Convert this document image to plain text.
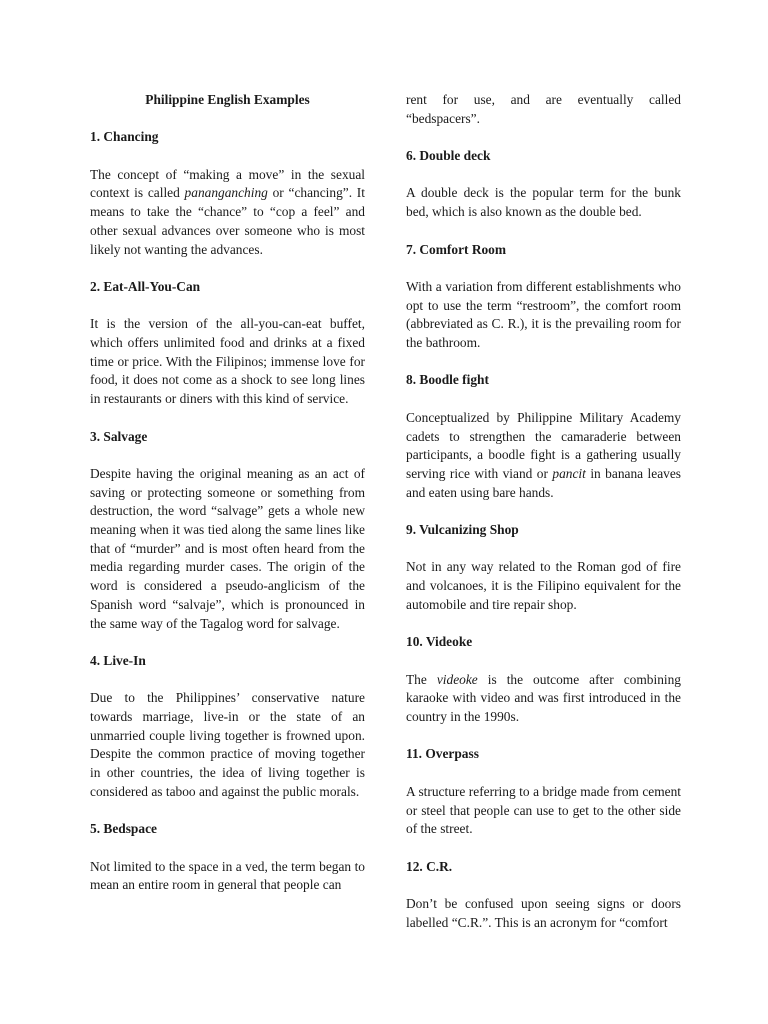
Philippine English Examples
1. Chancing
The concept of “making a move” in the sexual context is called pananganching or “chancing”. It means to take the “chance” to “cop a feel” and other sexual advances over someone who is most likely not wanting the advances.
2. Eat-All-You-Can
It is the version of the all-you-can-eat buffet, which offers unlimited food and drinks at a fixed time or price. With the Filipinos; immense love for food, it does not come as a shock to see long lines in restaurants or diners with this kind of service.
3. Salvage
Despite having the original meaning as an act of saving or protecting someone or something from destruction, the word “salvage” gets a whole new meaning when it was tied along the same lines like that of “murder” and is most often heard from the media regarding murder cases. The origin of the word is considered a pseudo-anglicism of the Spanish word “salvaje”, which is pronounced in the same way of the Tagalog word for salvage.
4. Live-In
Due to the Philippines’ conservative nature towards marriage, live-in or the state of an unmarried couple living together is frowned upon. Despite the common practice of moving together in other countries, the idea of living together is considered as taboo and against the public morals.
5. Bedspace
Not limited to the space in a ved, the term began to mean an entire room in general that people can
rent for use, and are eventually called “bedspacers”.
6. Double deck
A double deck is the popular term for the bunk bed, which is also known as the double bed.
7. Comfort Room
With a variation from different establishments who opt to use the term “restroom”, the comfort room (abbreviated as C. R.), it is the prevailing room for the bathroom.
8. Boodle fight
Conceptualized by Philippine Military Academy cadets to strengthen the camaraderie between participants, a boodle fight is a gathering usually serving rice with viand or pancit in banana leaves and eaten using bare hands.
9. Vulcanizing Shop
Not in any way related to the Roman god of fire and volcanoes, it is the Filipino equivalent for the automobile and tire repair shop.
10. Videoke
The videoke is the outcome after combining karaoke with video and was first introduced in the country in the 1990s.
11. Overpass
A structure referring to a bridge made from cement or steel that people can use to get to the other side of the street.
12. C.R.
Don’t be confused upon seeing signs or doors labelled “C.R.”. This is an acronym for “comfort
